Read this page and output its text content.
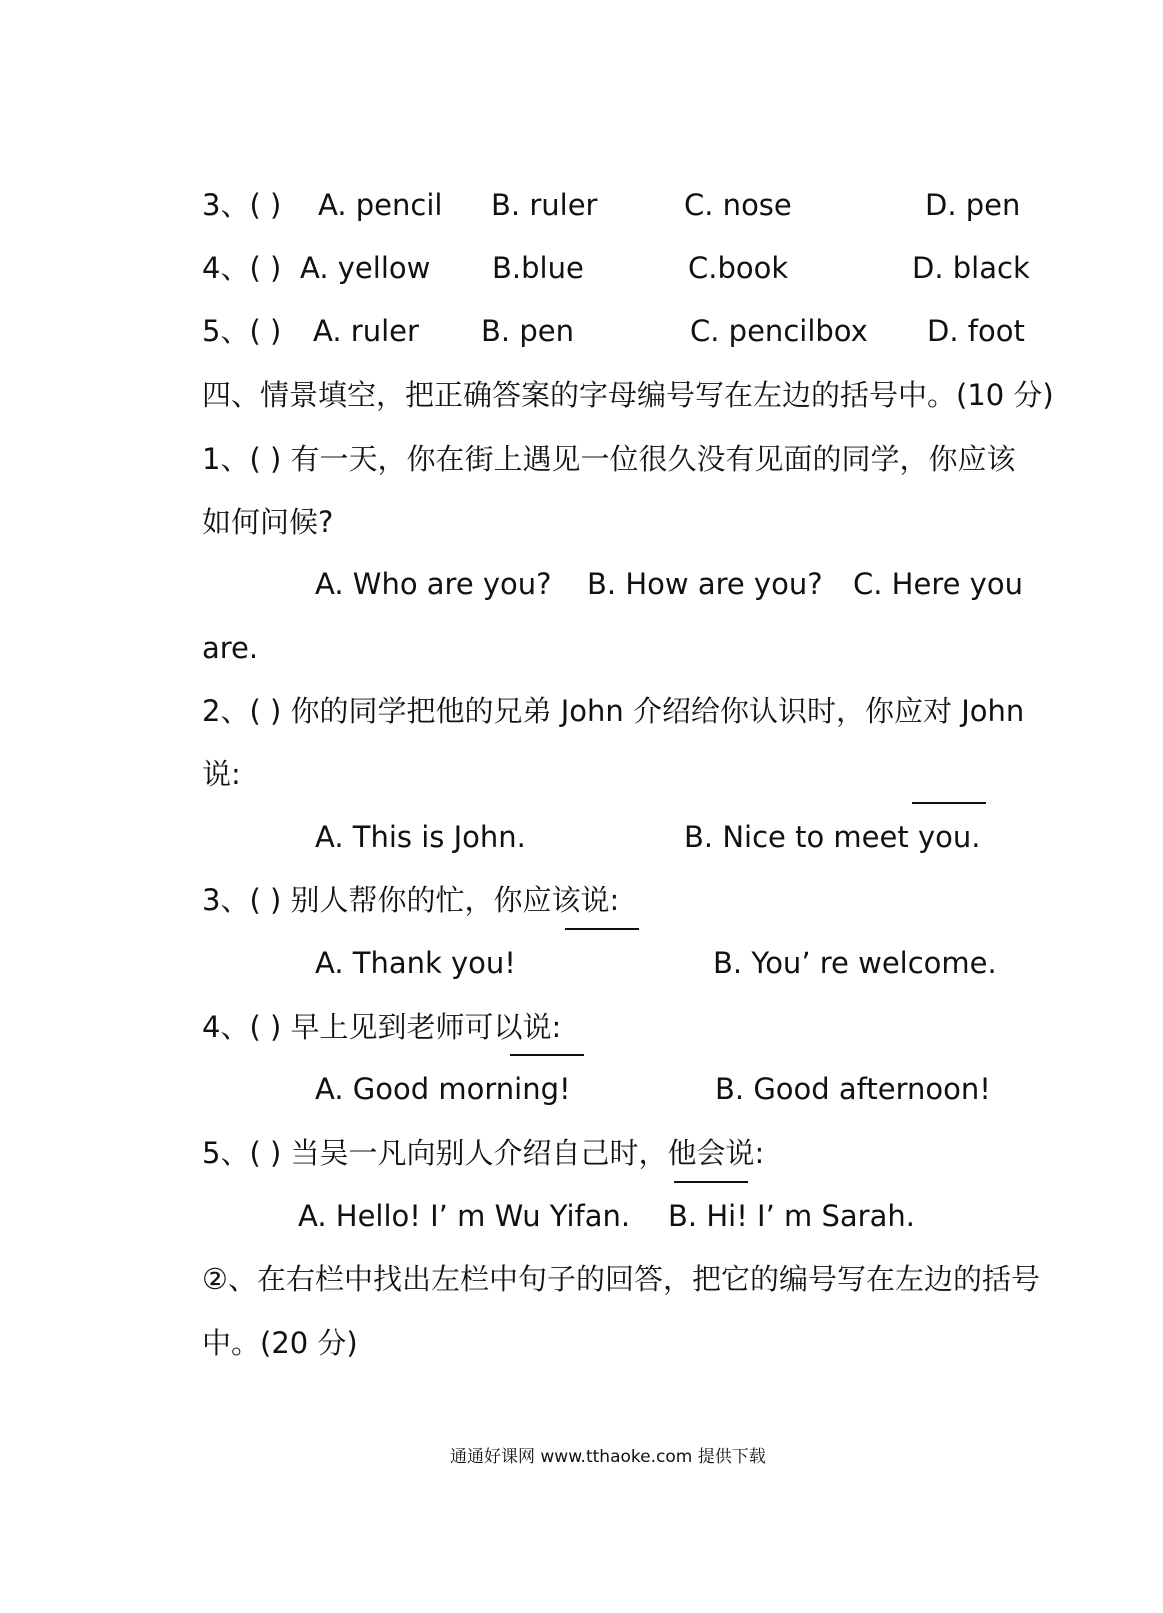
3、( ) A. pencil B. ruler	C. nose	D. pen
4、( ) A. yellow B.blue	C.book	D. black
5、( ) A. ruler B. pen	C. pencilbox D. foot
四、情景填空，把正确答案的字母编号写在左边的括号中。(10 分)
1、( ) 有一天，你在街上遇见一位很久没有见面的同学，你应该
如何问候?
A. Who are you? B. How are you? C. Here you
are.
2、( ) 你的同学把他的兄弟 John 介绍给你认识时，你应对 John
说:
A. This is John.	B. Nice to meet you.
3、( ) 别人帮你的忙，你应该说:
A. Thank you!	B. You’ re welcome.
4、( ) 早上见到老师可以说:
A. Good morning!	B. Good afternoon!
5、( ) 当吴一凡向别人介绍自己时，他会说:
A. Hello! I’ m Wu Yifan. B. Hi! I’ m Sarah.
②、在右栏中找出左栏中句子的回答，把它的编号写在左边的括号
中。(20 分)
通通好课网 www.tthaoke.com 提供下载
